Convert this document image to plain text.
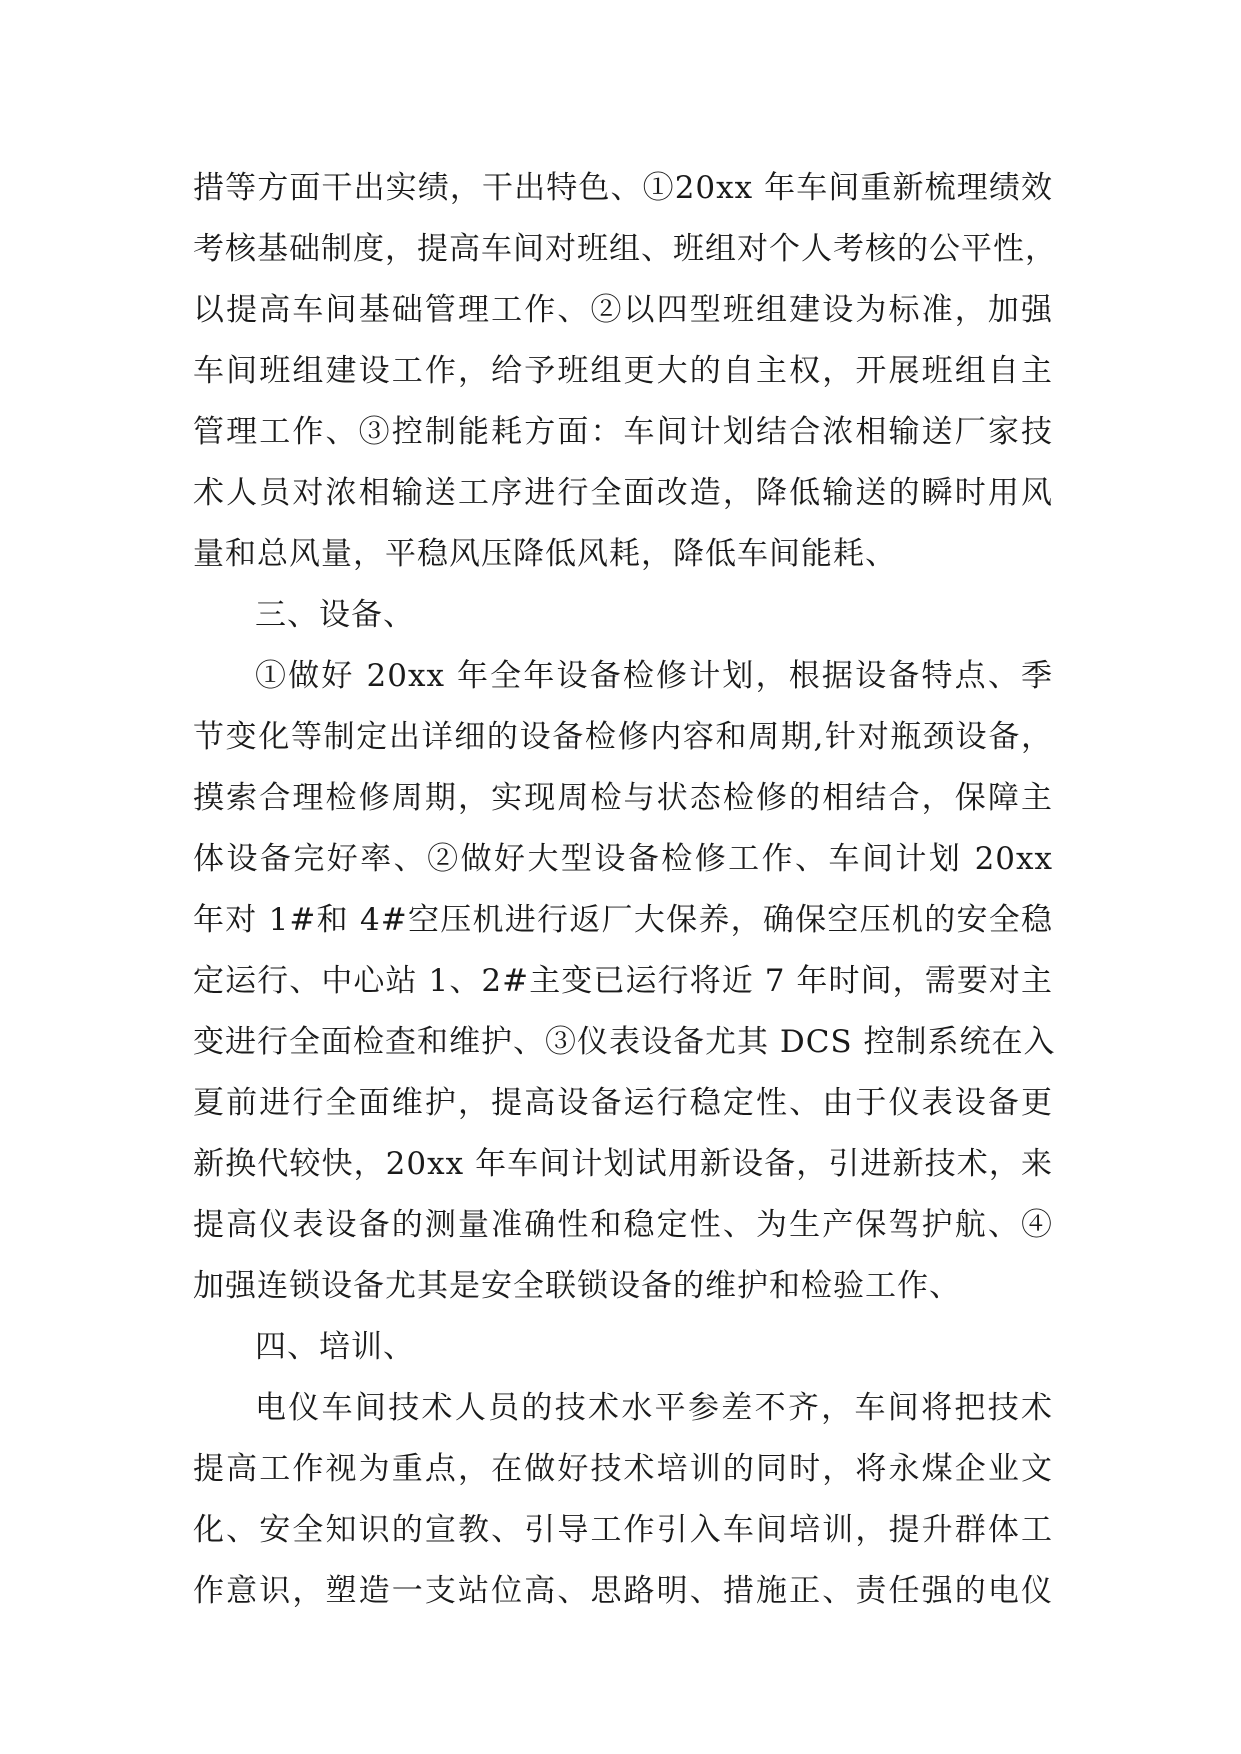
措等方面干出实绩，干出特色、①20xx 年车间重新梳理绩效
考核基础制度，提高车间对班组、班组对个人考核的公平性，
以提高车间基础管理工作、②以四型班组建设为标准，加强
车间班组建设工作，给予班组更大的自主权，开展班组自主
管理工作、③控制能耗方面：车间计划结合浓相输送厂家技
术人员对浓相输送工序进行全面改造，降低输送的瞬时用风
量和总风量，平稳风压降低风耗，降低车间能耗、
三、设备、
①做好 20xx 年全年设备检修计划，根据设备特点、季
节变化等制定出详细的设备检修内容和周期,针对瓶颈设备，
摸索合理检修周期，实现周检与状态检修的相结合，保障主
体设备完好率、②做好大型设备检修工作、车间计划 20xx
年对 1#和 4#空压机进行返厂大保养，确保空压机的安全稳
定运行、中心站 1、2#主变已运行将近 7 年时间，需要对主
变进行全面检查和维护、③仪表设备尤其 DCS 控制系统在入
夏前进行全面维护，提高设备运行稳定性、由于仪表设备更
新换代较快，20xx 年车间计划试用新设备，引进新技术，来
提高仪表设备的测量准确性和稳定性、为生产保驾护航、④
加强连锁设备尤其是安全联锁设备的维护和检验工作、
四、培训、
电仪车间技术人员的技术水平参差不齐，车间将把技术
提高工作视为重点，在做好技术培训的同时，将永煤企业文
化、安全知识的宣教、引导工作引入车间培训，提升群体工
作意识，塑造一支站位高、思路明、措施正、责任强的电仪
